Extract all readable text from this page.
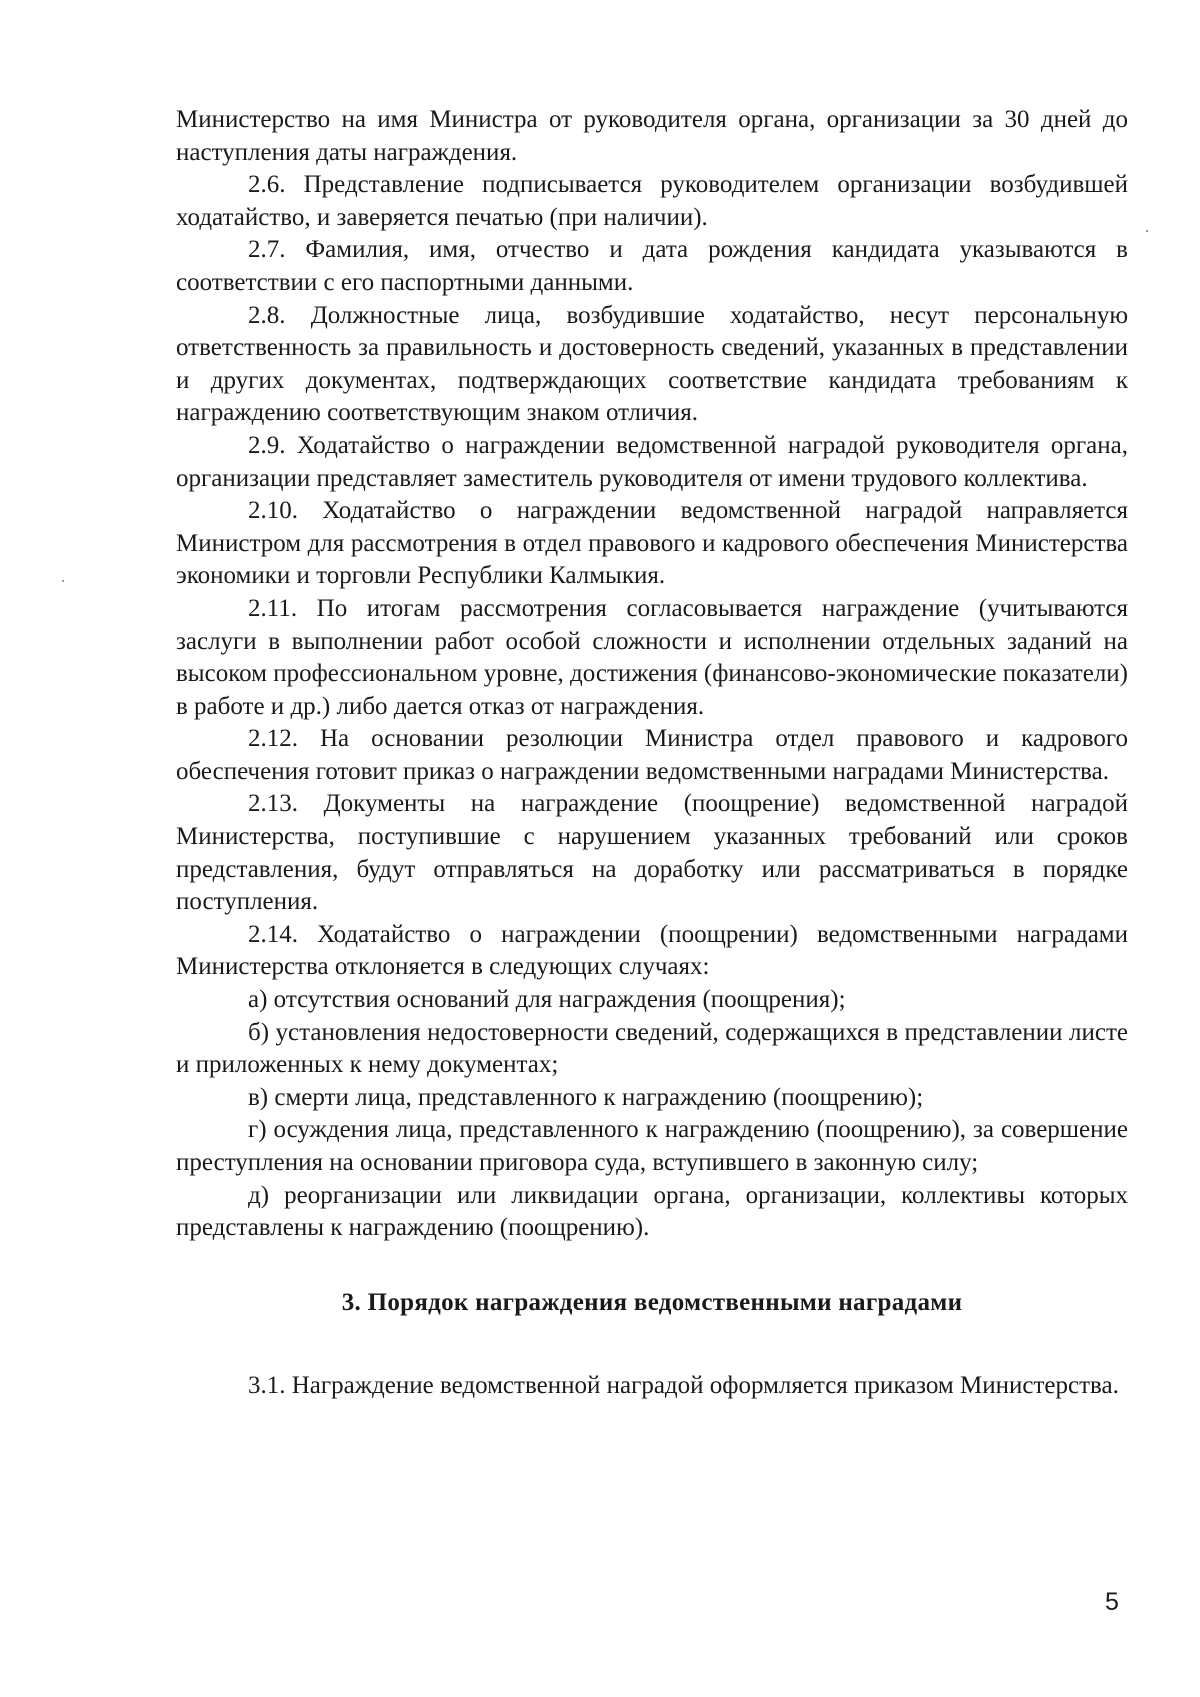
Министерство на имя Министра от руководителя органа, организации за 30 дней до наступления даты награждения.

2.6. Представление подписывается руководителем организации возбудившей ходатайство, и заверяется печатью (при наличии).

2.7. Фамилия, имя, отчество и дата рождения кандидата указываются в соответствии с его паспортными данными.

2.8. Должностные лица, возбудившие ходатайство, несут персональную ответственность за правильность и достоверность сведений, указанных в представлении и других документах, подтверждающих соответствие кандидата требованиям к награждению соответствующим знаком отличия.

2.9. Ходатайство о награждении ведомственной наградой руководителя органа, организации представляет заместитель руководителя от имени трудового коллектива.

2.10. Ходатайство о награждении ведомственной наградой направляется Министром для рассмотрения в отдел правового и кадрового обеспечения Министерства экономики и торговли Республики Калмыкия.

2.11. По итогам рассмотрения согласовывается награждение (учитываются заслуги в выполнении работ особой сложности и исполнении отдельных заданий на высоком профессиональном уровне, достижения (финансово-экономические показатели) в работе и др.) либо дается отказ от награждения.

2.12. На основании резолюции Министра отдел правового и кадрового обеспечения готовит приказ о награждении ведомственными наградами Министерства.

2.13. Документы на награждение (поощрение) ведомственной наградой Министерства, поступившие с нарушением указанных требований или сроков представления, будут отправляться на доработку или рассматриваться в порядке поступления.

2.14. Ходатайство о награждении (поощрении) ведомственными наградами Министерства отклоняется в следующих случаях:

а) отсутствия оснований для награждения (поощрения);

б) установления недостоверности сведений, содержащихся в представлении листе и приложенных к нему документах;

в) смерти лица, представленного к награждению (поощрению);

г) осуждения лица, представленного к награждению (поощрению), за совершение преступления на основании приговора суда, вступившего в законную силу;

д) реорганизации или ликвидации органа, организации, коллективы которых представлены к награждению (поощрению).

3. Порядок награждения ведомственными наградами

3.1. Награждение ведомственной наградой оформляется приказом Министерства.

5
